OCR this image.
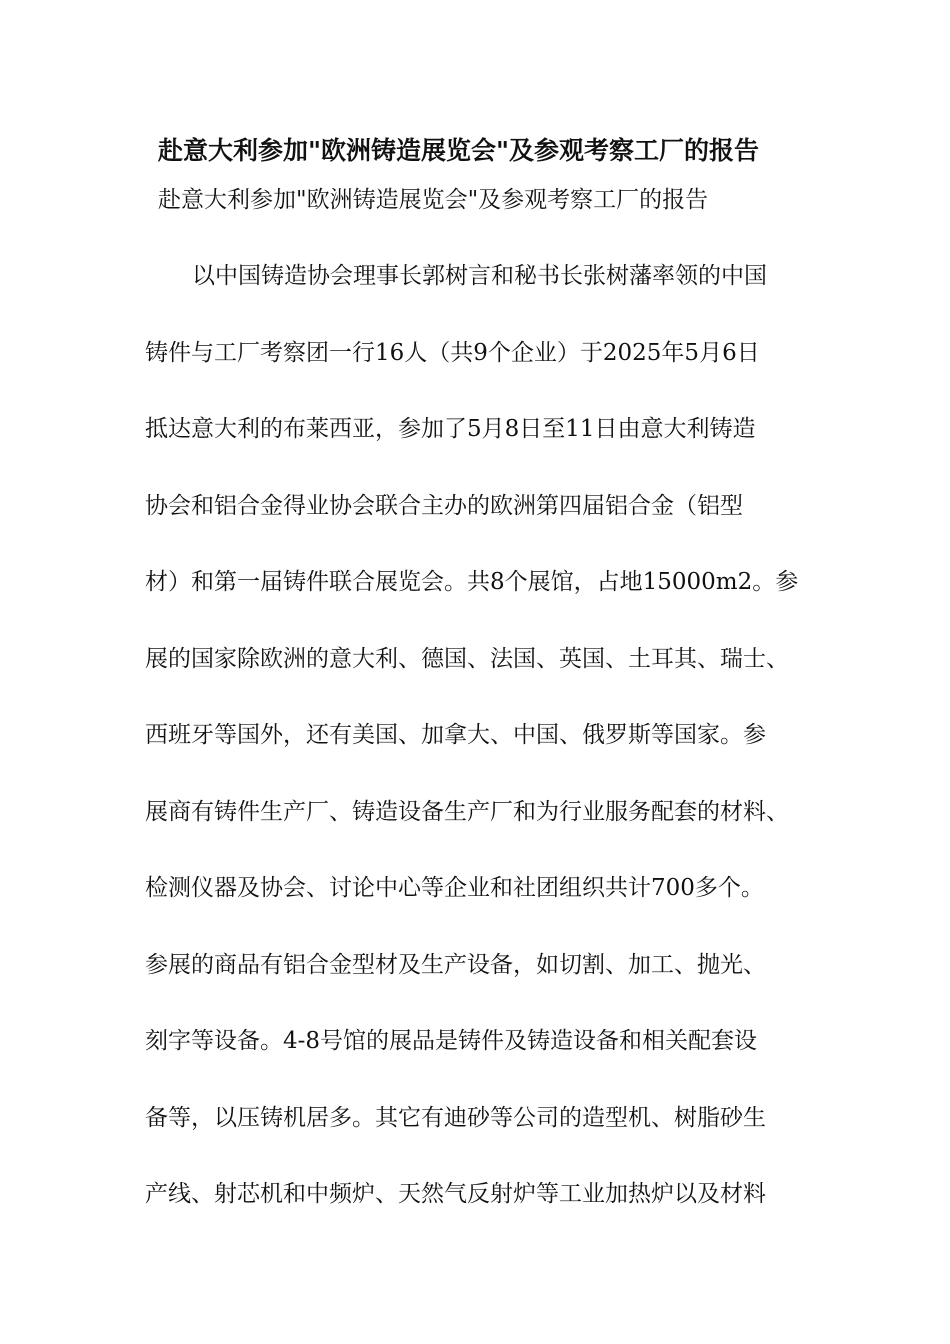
赴意大利参加"欧洲铸造展览会"及参观考察工厂的报告
赴意大利参加"欧洲铸造展览会"及参观考察工厂的报告
以中国铸造协会理事长郭树言和秘书长张树藩率领的中国
铸件与工厂考察团一行16人（共9个企业）于2025年5月6日
抵达意大利的布莱西亚，参加了5月8日至11日由意大利铸造
协会和铝合金得业协会联合主办的欧洲第四届铝合金（铝型
材）和第一届铸件联合展览会。共8个展馆，占地15000m2。参
展的国家除欧洲的意大利、德国、法国、英国、土耳其、瑞士、
西班牙等国外，还有美国、加拿大、中国、俄罗斯等国家。参
展商有铸件生产厂、铸造设备生产厂和为行业服务配套的材料、
检测仪器及协会、讨论中心等企业和社团组织共计700多个。
参展的商品有铝合金型材及生产设备，如切割、加工、抛光、
刻字等设备。4-8号馆的展品是铸件及铸造设备和相关配套设
备等，以压铸机居多。其它有迪砂等公司的造型机、树脂砂生
产线、射芯机和中频炉、天然气反射炉等工业加热炉以及材料
